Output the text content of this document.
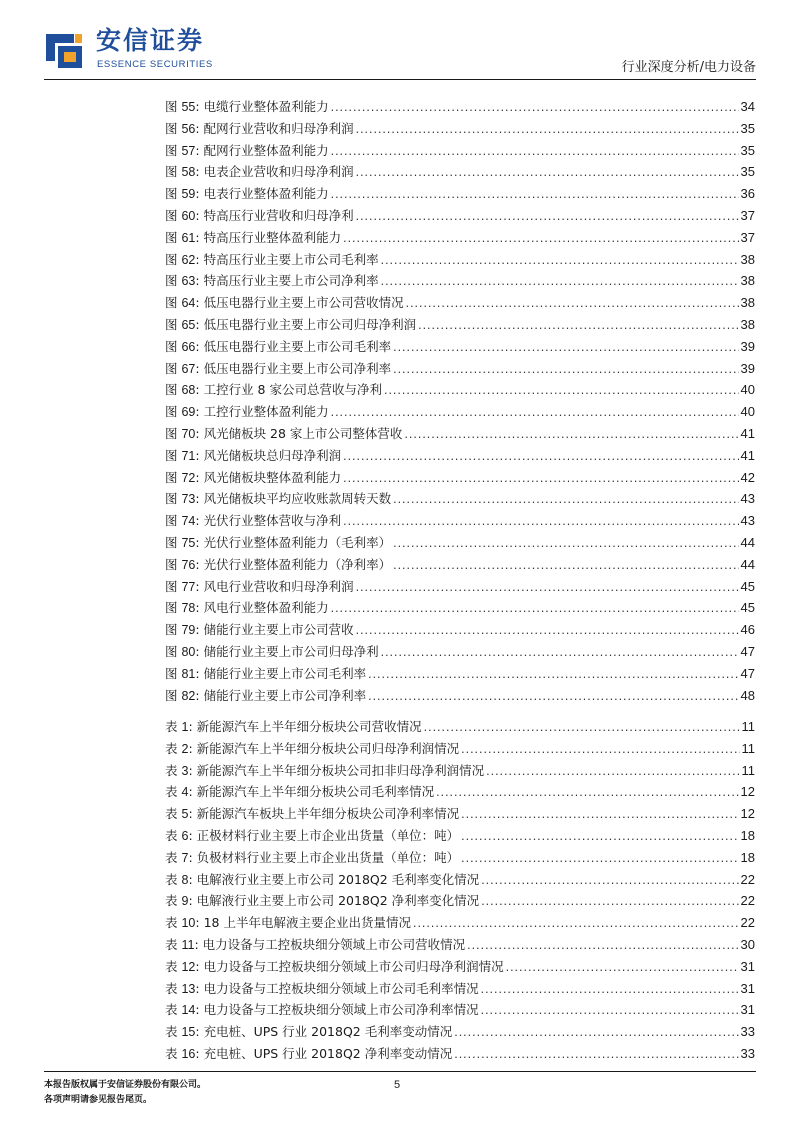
安信证券
ESSENCE SECURITIES	行业深度分析/电力设备
图 55: 电缆行业整体盈利能力 .....	34
图 56: 配网行业营收和归母净利润 .....	35
图 57: 配网行业整体盈利能力 .....	35
图 58: 电表企业营收和归母净利润 .....	35
图 59: 电表行业整体盈利能力 .....	36
图 60: 特高压行业营收和归母净利 .....	37
图 61: 特高压行业整体盈利能力 .....	37
图 62: 特高压行业主要上市公司毛利率 .....	38
图 63: 特高压行业主要上市公司净利率 .....	38
图 64: 低压电器行业主要上市公司营收情况 .....	38
图 65: 低压电器行业主要上市公司归母净利润 .....	38
图 66: 低压电器行业主要上市公司毛利率 .....	39
图 67: 低压电器行业主要上市公司净利率 .....	39
图 68: 工控行业 8 家公司总营收与净利 .....	40
图 69: 工控行业整体盈利能力 .....	40
图 70: 风光储板块 28 家上市公司整体营收 .....	41
图 71: 风光储板块总归母净利润 .....	41
图 72: 风光储板块整体盈利能力 .....	42
图 73: 风光储板块平均应收账款周转天数 .....	43
图 74: 光伏行业整体营收与净利 .....	43
图 75: 光伏行业整体盈利能力（毛利率） .....	44
图 76: 光伏行业整体盈利能力（净利率） .....	44
图 77: 风电行业营收和归母净利润 .....	45
图 78: 风电行业整体盈利能力 .....	45
图 79: 储能行业主要上市公司营收 .....	46
图 80: 储能行业主要上市公司归母净利 .....	47
图 81: 储能行业主要上市公司毛利率 .....	47
图 82: 储能行业主要上市公司净利率 .....	48
表 1: 新能源汽车上半年细分板块公司营收情况 .....	11
表 2: 新能源汽车上半年细分板块公司归母净利润情况 .....	11
表 3: 新能源汽车上半年细分板块公司扣非归母净利润情况 .....	11
表 4: 新能源汽车上半年细分板块公司毛利率情况 .....	12
表 5: 新能源汽车板块上半年细分板块公司净利率情况 .....	12
表 6: 正极材料行业主要上市企业出货量（单位：吨） .....	18
表 7: 负极材料行业主要上市企业出货量（单位：吨） .....	18
表 8: 电解液行业主要上市公司 2018Q2 毛利率变化情况 .....	22
表 9: 电解液行业主要上市公司 2018Q2 净利率变化情况 .....	22
表 10: 18 上半年电解液主要企业出货量情况 .....	22
表 11: 电力设备与工控板块细分领域上市公司营收情况 .....	30
表 12: 电力设备与工控板块细分领域上市公司归母净利润情况 .....	31
表 13: 电力设备与工控板块细分领域上市公司毛利率情况 .....	31
表 14: 电力设备与工控板块细分领域上市公司净利率情况 .....	31
表 15: 充电桩、UPS 行业 2018Q2 毛利率变动情况 .....	33
表 16: 充电桩、UPS 行业 2018Q2 净利率变动情况 .....	33
本报告版权属于安信证券股份有限公司。
各项声明请参见报告尾页。
5
